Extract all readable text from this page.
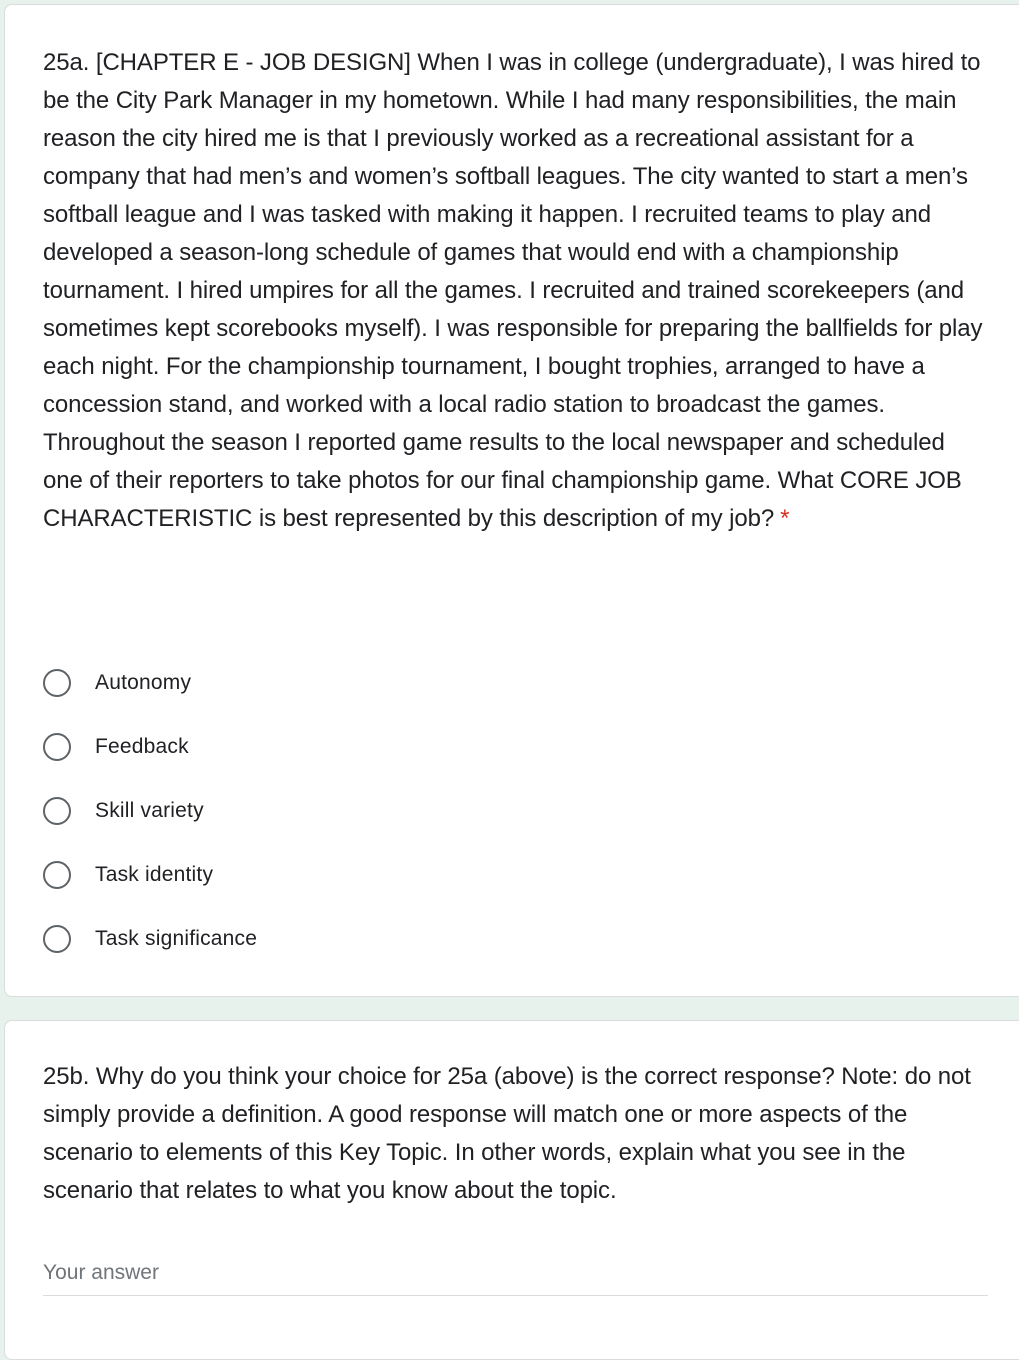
25a. [CHAPTER E - JOB DESIGN] When I was in college (undergraduate), I was hired to be the City Park Manager in my hometown. While I had many responsibilities, the main reason the city hired me is that I previously worked as a recreational assistant for a company that had men’s and women’s softball leagues. The city wanted to start a men’s softball league and I was tasked with making it happen. I recruited teams to play and developed a season-long schedule of games that would end with a championship tournament. I hired umpires for all the games. I recruited and trained scorekeepers (and sometimes kept scorebooks myself). I was responsible for preparing the ballfields for play each night. For the championship tournament, I bought trophies, arranged to have a concession stand, and worked with a local radio station to broadcast the games. Throughout the season I reported game results to the local newspaper and scheduled one of their reporters to take photos for our final championship game. What CORE JOB CHARACTERISTIC is best represented by this description of my job? *

Autonomy
Feedback
Skill variety
Task identity
Task significance

25b. Why do you think your choice for 25a (above) is the correct response? Note: do not simply provide a definition. A good response will match one or more aspects of the scenario to elements of this Key Topic. In other words, explain what you see in the scenario that relates to what you know about the topic.

Your answer
